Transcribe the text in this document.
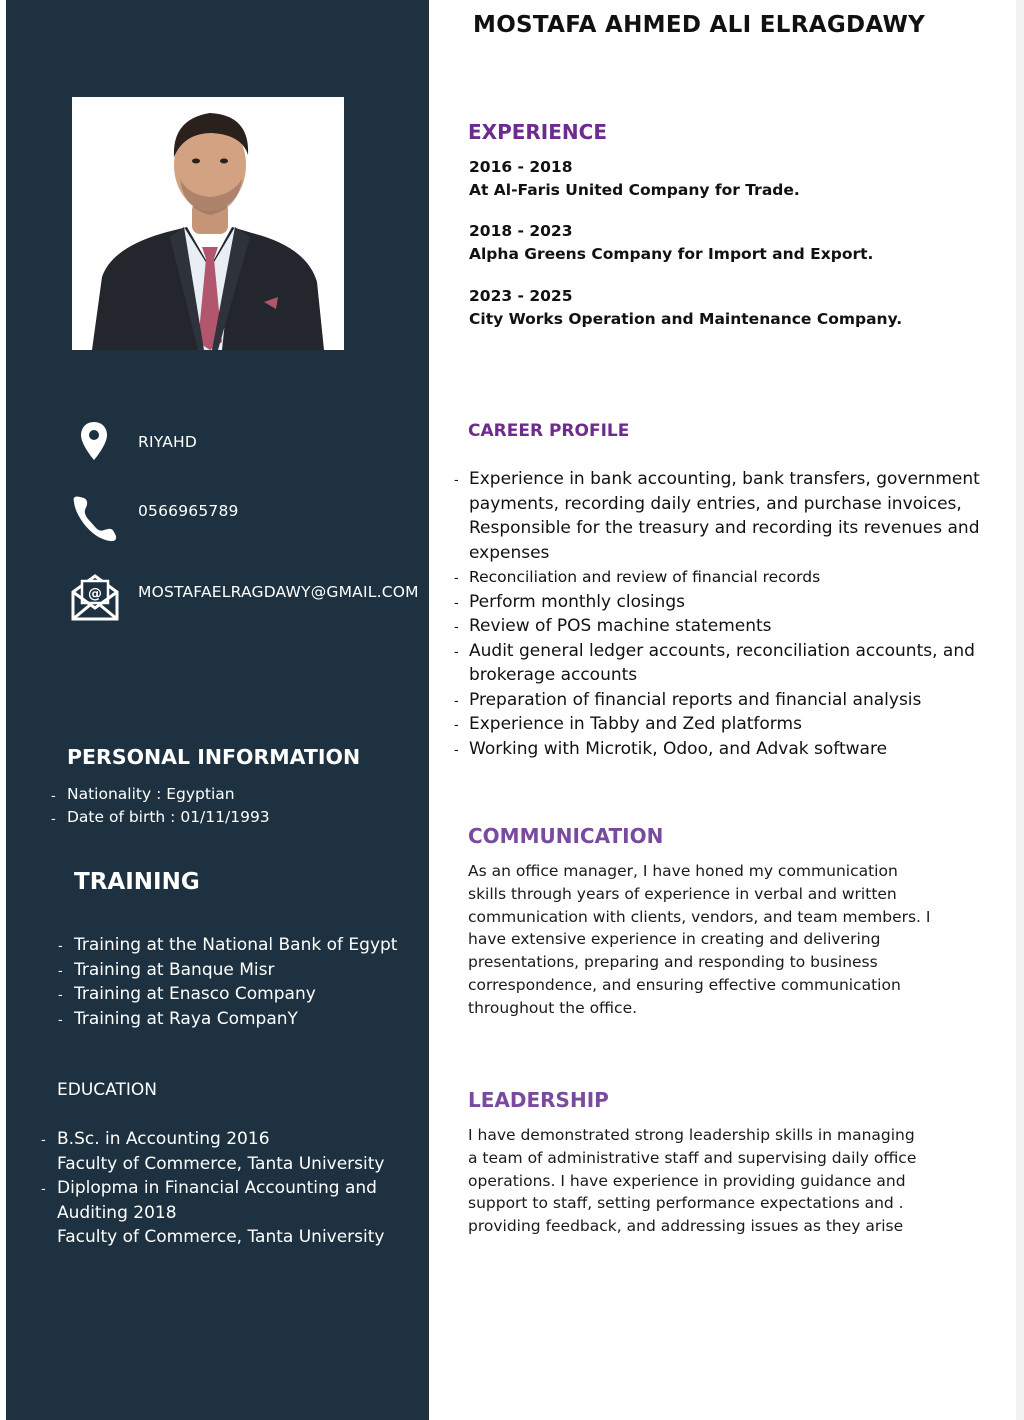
RIYAHD
0566965789
@ MOSTAFAELRAGDAWY@GMAIL.COM
PERSONAL INFORMATION
- Nationality : Egyptian
- Date of birth : 01/11/1993
TRAINING
- Training at the National Bank of Egypt
- Training at Banque Misr
- Training at Enasco Company
- Training at Raya CompanY
EDUCATION
- B.Sc. in Accounting 2016
Faculty of Commerce, Tanta University
- Diplopma in Financial Accounting and Auditing 2018
Faculty of Commerce, Tanta University
MOSTAFA AHMED ALI ELRAGDAWY
EXPERIENCE
2016 - 2018
At Al-Faris United Company for Trade.
2018 - 2023
Alpha Greens Company for Import and Export.
2023 - 2025
City Works Operation and Maintenance Company.
CAREER PROFILE
- Experience in bank accounting, bank transfers, government payments, recording daily entries, and purchase invoices, Responsible for the treasury and recording its revenues and expenses
- Reconciliation and review of financial records
- Perform monthly closings
- Review of POS machine statements
- Audit general ledger accounts, reconciliation accounts, and brokerage accounts
- Preparation of financial reports and financial analysis
- Experience in Tabby and Zed platforms
- Working with Microtik, Odoo, and Advak software
COMMUNICATION
As an office manager, I have honed my communication skills through years of experience in verbal and written communication with clients, vendors, and team members. I have extensive experience in creating and delivering presentations, preparing and responding to business correspondence, and ensuring effective communication throughout the office.
LEADERSHIP
I have demonstrated strong leadership skills in managing a team of administrative staff and supervising daily office operations. I have experience in providing guidance and support to staff, setting performance expectations and . providing feedback, and addressing issues as they arise
